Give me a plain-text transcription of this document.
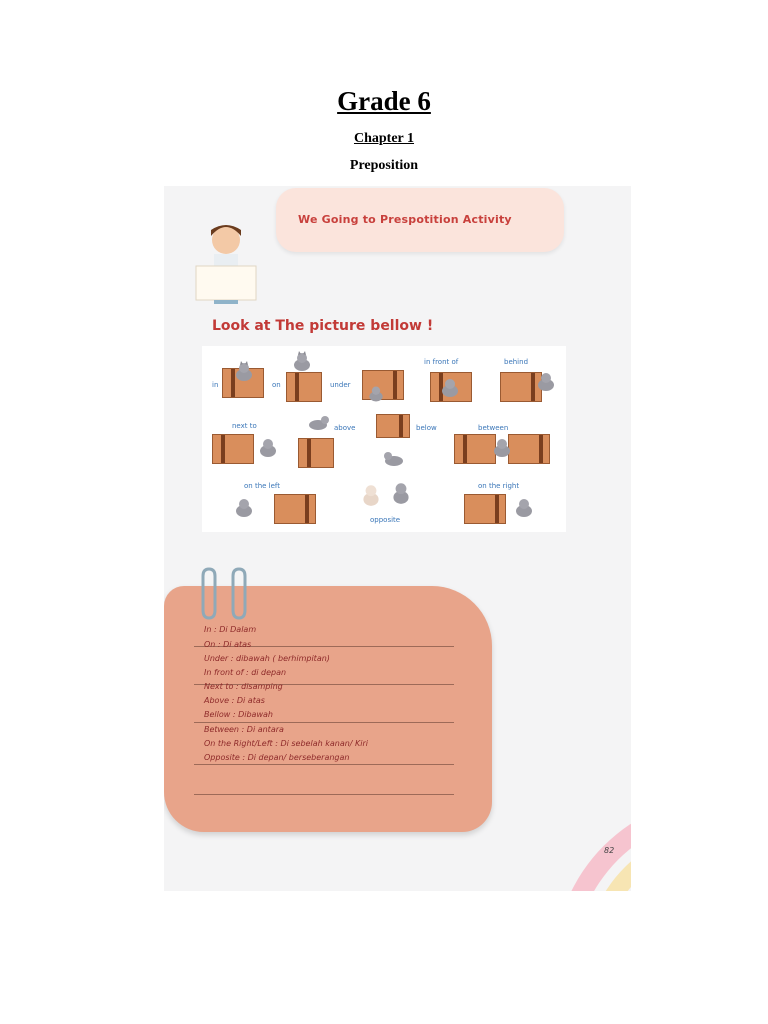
Grade 6
Chapter 1
Preposition
We Going to Prespotition Activity
Look at The picture bellow !
in	on	under
in front of	behind
next to	above	below	between
on the left
opposite
on the right
In : Di Dalam
On : Di atas
Under : dibawah ( berhimpitan)
In front of : di depan
Next to : disamping
Above : Di atas
Bellow : Dibawah
Between : Di antara
On the Right/Left : Di sebelah kanan/ Kiri
Opposite : Di depan/ berseberangan
82
